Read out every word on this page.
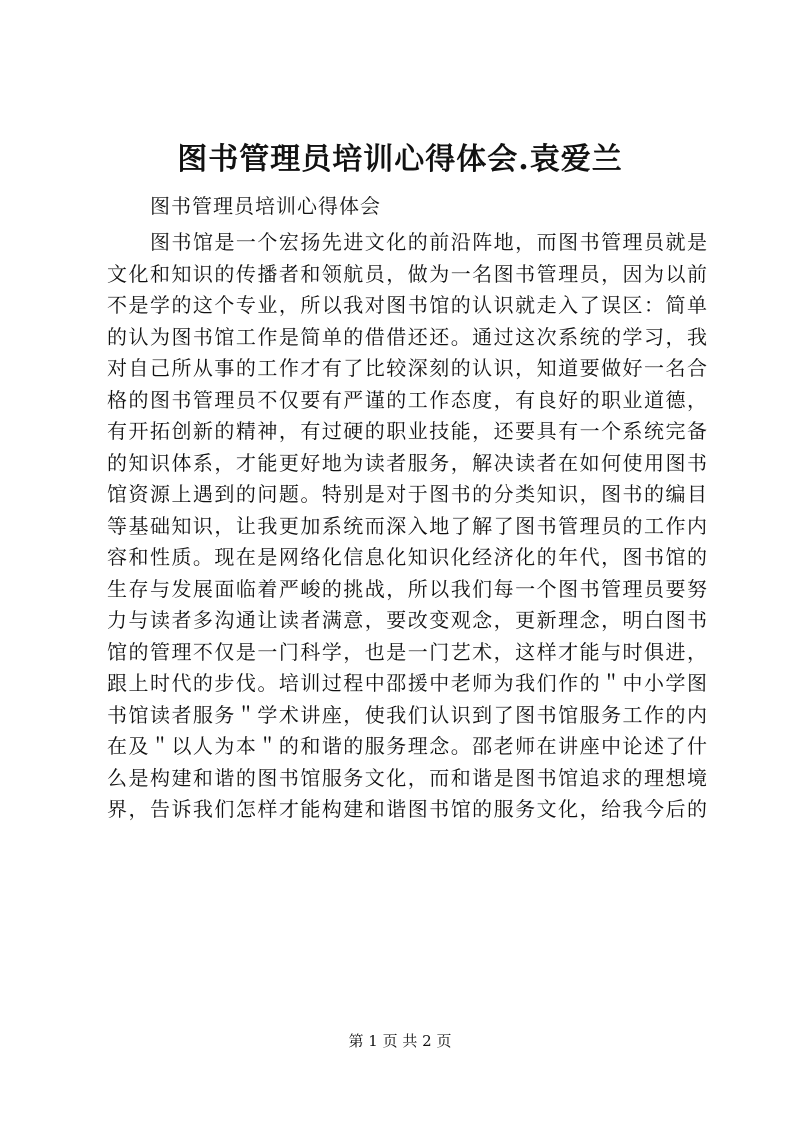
图书管理员培训心得体会.袁爱兰
图书管理员培训心得体会
图书馆是一个宏扬先进文化的前沿阵地，而图书管理员就是
文化和知识的传播者和领航员，做为一名图书管理员，因为以前
不是学的这个专业，所以我对图书馆的认识就走入了误区：简单
的认为图书馆工作是简单的借借还还。通过这次系统的学习，我
对自己所从事的工作才有了比较深刻的认识，知道要做好一名合
格的图书管理员不仅要有严谨的工作态度，有良好的职业道德，
有开拓创新的精神，有过硬的职业技能，还要具有一个系统完备
的知识体系，才能更好地为读者服务，解决读者在如何使用图书
馆资源上遇到的问题。特别是对于图书的分类知识，图书的编目
等基础知识，让我更加系统而深入地了解了图书管理员的工作内
容和性质。现在是网络化信息化知识化经济化的年代，图书馆的
生存与发展面临着严峻的挑战，所以我们每一个图书管理员要努
力与读者多沟通让读者满意，要改变观念，更新理念，明白图书
馆的管理不仅是一门科学，也是一门艺术，这样才能与时俱进，
跟上时代的步伐。培训过程中邵援中老师为我们作的＂中小学图
书馆读者服务＂学术讲座，使我们认识到了图书馆服务工作的内
在及＂以人为本＂的和谐的服务理念。邵老师在讲座中论述了什
么是构建和谐的图书馆服务文化，而和谐是图书馆追求的理想境
界，告诉我们怎样才能构建和谐图书馆的服务文化，给我今后的
第 1 页 共 2 页
